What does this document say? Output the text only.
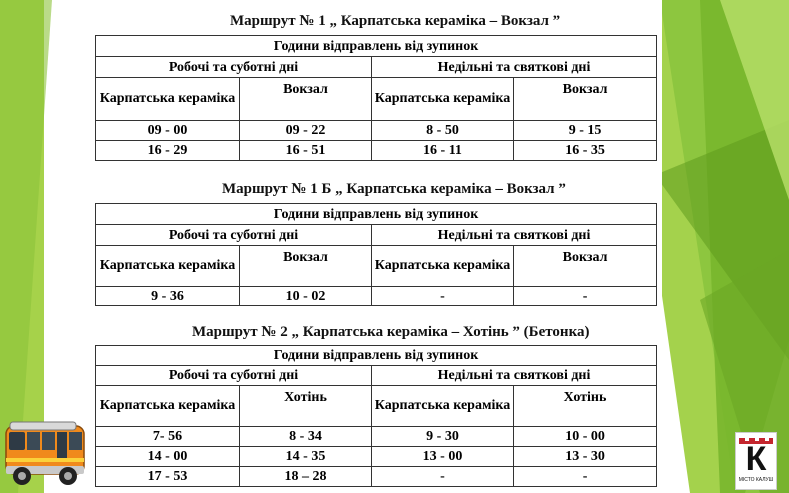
Маршрут № 1 „ Карпатська кераміка – Вокзал ”
Години відправлень від зупинок			
Робочі та суботні дні		Недільні та святкові дні	
Карпатська кераміка	Вокзал	Карпатська кераміка	Вокзал
09 - 00	09 - 22	8 - 50	9 - 15
16 - 29	16 - 51	16 - 11	16 - 35
Маршрут № 1 Б „ Карпатська кераміка – Вокзал ”
Години відправлень від зупинок			
Робочі та суботні дні		Недільні та святкові дні	
Карпатська кераміка	Вокзал	Карпатська кераміка	Вокзал
9 - 36	10 - 02	-	-
Маршрут № 2 „ Карпатська кераміка – Хотінь ” (Бетонка)
Години відправлень від зупинок			
Робочі та суботні дні		Недільні та святкові дні	
Карпатська кераміка	Хотінь	Карпатська кераміка	Хотінь
7- 56	8 - 34	9 - 30	10 - 00
14 - 00	14 - 35	13 - 00	13 - 30
17 - 53	18 – 28	-	-	К
МІСТО КАЛУШ
